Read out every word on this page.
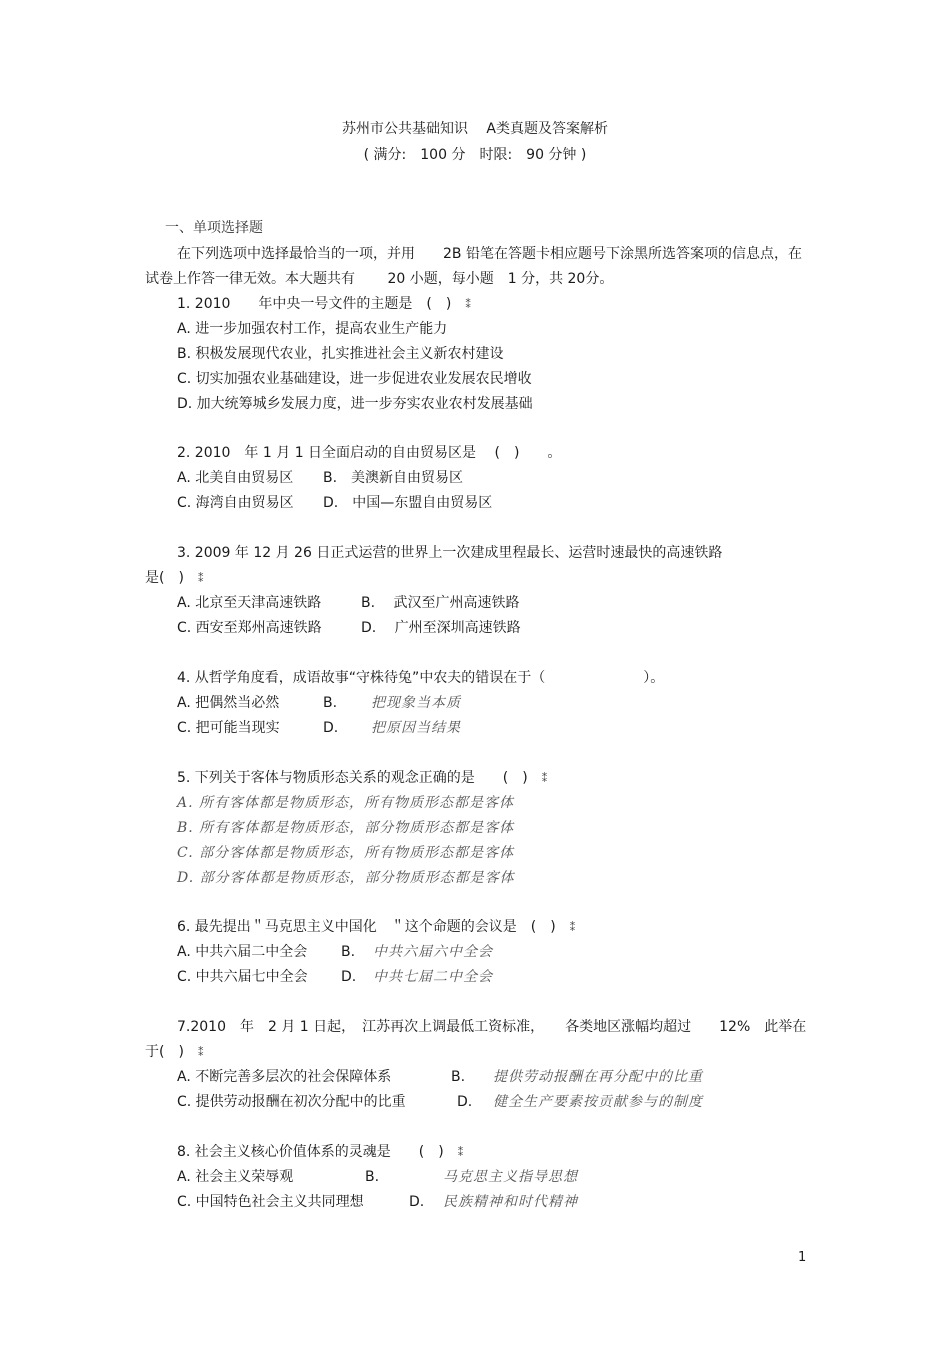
苏州市公共基础知识　 A类真题及答案解析
( 满分:　100 分　时限:　90 分钟 )
一、单项选择题
在下列选项中选择最恰当的一项，并用　　2B 铅笔在答题卡相应题号下涂黑所选答案项的信息点，在试卷上作答一律无效。本大题共有　　 20 小题，每小题　1 分，共 20分。
1. 2010　　年中央一号文件的主题是　(　) ⁑
A. 进一步加强农村工作，提高农业生产能力
B. 积极发展现代农业，扎实推进社会主义新农村建设
C. 切实加强农业基础建设，进一步促进农业发展农民增收
D. 加大统筹城乡发展力度，进一步夯实农业农村发展基础
2. 2010　年 1 月 1 日全面启动的自由贸易区是　 (　)　　。
A. 北美自由贸易区 B.　美澳新自由贸易区
C. 海湾自由贸易区 D.　中国—东盟自由贸易区
3. 2009 年 12 月 26 日正式运营的世界上一次建成里程最长、运营时速最快的高速铁路
是(　) ⁑
A. 北京至天津高速铁路	B.　 武汉至广州高速铁路
C. 西安至郑州高速铁路	D.　 广州至深圳高速铁路
4. 从哲学角度看，成语故事“守株待兔”中农夫的错误在于（　　　　　　　）。
A. 把偶然当必然	B. 把现象当本质
C. 把可能当现实	D. 把原因当结果
5. 下列关于客体与物质形态关系的观念正确的是　　(　) ⁑
A. 所有客体都是物质形态，所有物质形态都是客体
B. 所有客体都是物质形态，部分物质形态都是客体
C. 部分客体都是物质形态，所有物质形态都是客体
D. 部分客体都是物质形态，部分物质形态都是客体
6. 最先提出＂马克思主义中国化　＂这个命题的会议是　(　) ⁑
A. 中共六届二中全会 B. 中共六届六中全会
C. 中共六届七中全会 D. 中共七届二中全会
7.2010　年　2 月 1 日起，　江苏再次上调最低工资标准，　　各类地区涨幅均超过　　12%　此举在
于(　) ⁑
A. 不断完善多层次的社会保障体系	B. 提供劳动报酬在再分配中的比重
C. 提供劳动报酬在初次分配中的比重	D. 健全生产要素按贡献参与的制度
8. 社会主义核心价值体系的灵魂是　　(　) ⁑
A. 社会主义荣辱观	B.	马克思主义指导思想
C. 中国特色社会主义共同理想	D. 民族精神和时代精神
1
